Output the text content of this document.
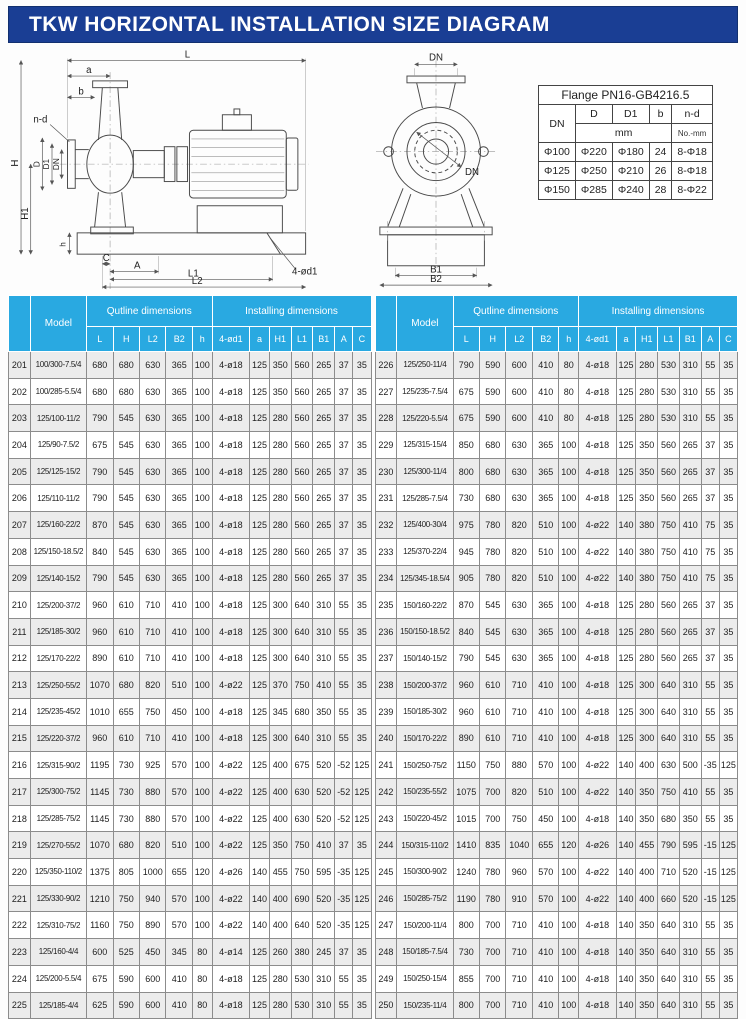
TKW HORIZONTAL INSTALLATION SIZE DIAGRAM
L
a
b
n-d
D D1 DN
H
H1
h
C
A
L1
L2
4-ød1
DN
DN
B1
B2
Flange PN16-GB4216.5				
DN	D	D1	b	n-d
	mm			No.-mm
Φ100	Φ220	Φ180	24	8-Φ18
Φ125	Φ250	Φ210	26	8-Φ18
Φ150	Φ285	Φ240	28	8-Φ22
	Model	Qutline dimensions					Installing dimensions						
		L	H	L2	B2	h	4-ød1	a	H1	L1	B1	A	C
201	100/300-7.5/4	680	680	630	365	100	4-ø18	125	350	560	265	37	35
202	100/285-5.5/4	680	680	630	365	100	4-ø18	125	350	560	265	37	35
203	125/100-11/2	790	545	630	365	100	4-ø18	125	280	560	265	37	35
204	125/90-7.5/2	675	545	630	365	100	4-ø18	125	280	560	265	37	35
205	125/125-15/2	790	545	630	365	100	4-ø18	125	280	560	265	37	35
206	125/110-11/2	790	545	630	365	100	4-ø18	125	280	560	265	37	35
207	125/160-22/2	870	545	630	365	100	4-ø18	125	280	560	265	37	35
208	125/150-18.5/2	840	545	630	365	100	4-ø18	125	280	560	265	37	35
209	125/140-15/2	790	545	630	365	100	4-ø18	125	280	560	265	37	35
210	125/200-37/2	960	610	710	410	100	4-ø18	125	300	640	310	55	35
211	125/185-30/2	960	610	710	410	100	4-ø18	125	300	640	310	55	35
212	125/170-22/2	890	610	710	410	100	4-ø18	125	300	640	310	55	35
213	125/250-55/2	1070	680	820	510	100	4-ø22	125	370	750	410	55	35
214	125/235-45/2	1010	655	750	450	100	4-ø18	125	345	680	350	55	35
215	125/220-37/2	960	610	710	410	100	4-ø18	125	300	640	310	55	35
216	125/315-90/2	1195	730	925	570	100	4-ø22	125	400	675	520	-52	125
217	125/300-75/2	1145	730	880	570	100	4-ø22	125	400	630	520	-52	125
218	125/285-75/2	1145	730	880	570	100	4-ø22	125	400	630	520	-52	125
219	125/270-55/2	1070	680	820	510	100	4-ø22	125	350	750	410	37	35
220	125/350-110/2	1375	805	1000	655	120	4-ø26	140	455	750	595	-35	125
221	125/330-90/2	1210	750	940	570	100	4-ø22	140	400	690	520	-35	125
222	125/310-75/2	1160	750	890	570	100	4-ø22	140	400	640	520	-35	125
223	125/160-4/4	600	525	450	345	80	4-ø14	125	260	380	245	37	35
224	125/200-5.5/4	675	590	600	410	80	4-ø18	125	280	530	310	55	35
225	125/185-4/4	625	590	600	410	80	4-ø18	125	280	530	310	55	35
	Model	Qutline dimensions					Installing dimensions						
		L	H	L2	B2	h	4-ød1	a	H1	L1	B1	A	C
226	125/250-11/4	790	590	600	410	80	4-ø18	125	280	530	310	55	35
227	125/235-7.5/4	675	590	600	410	80	4-ø18	125	280	530	310	55	35
228	125/220-5.5/4	675	590	600	410	80	4-ø18	125	280	530	310	55	35
229	125/315-15/4	850	680	630	365	100	4-ø18	125	350	560	265	37	35
230	125/300-11/4	800	680	630	365	100	4-ø18	125	350	560	265	37	35
231	125/285-7.5/4	730	680	630	365	100	4-ø18	125	350	560	265	37	35
232	125/400-30/4	975	780	820	510	100	4-ø22	140	380	750	410	75	35
233	125/370-22/4	945	780	820	510	100	4-ø22	140	380	750	410	75	35
234	125/345-18.5/4	905	780	820	510	100	4-ø22	140	380	750	410	75	35
235	150/160-22/2	870	545	630	365	100	4-ø18	125	280	560	265	37	35
236	150/150-18.5/2	840	545	630	365	100	4-ø18	125	280	560	265	37	35
237	150/140-15/2	790	545	630	365	100	4-ø18	125	280	560	265	37	35
238	150/200-37/2	960	610	710	410	100	4-ø18	125	300	640	310	55	35
239	150/185-30/2	960	610	710	410	100	4-ø18	125	300	640	310	55	35
240	150/170-22/2	890	610	710	410	100	4-ø18	125	300	640	310	55	35
241	150/250-75/2	1150	750	880	570	100	4-ø22	140	400	630	500	-35	125
242	150/235-55/2	1075	700	820	510	100	4-ø22	140	350	750	410	55	35
243	150/220-45/2	1015	700	750	450	100	4-ø18	140	350	680	350	55	35
244	150/315-110/2	1410	835	1040	655	120	4-ø26	140	455	790	595	-15	125
245	150/300-90/2	1240	780	960	570	100	4-ø22	140	400	710	520	-15	125
246	150/285-75/2	1190	780	910	570	100	4-ø22	140	400	660	520	-15	125
247	150/200-11/4	800	700	710	410	100	4-ø18	140	350	640	310	55	35
248	150/185-7.5/4	730	700	710	410	100	4-ø18	140	350	640	310	55	35
249	150/250-15/4	855	700	710	410	100	4-ø18	140	350	640	310	55	35
250	150/235-11/4	800	700	710	410	100	4-ø18	140	350	640	310	55	35
